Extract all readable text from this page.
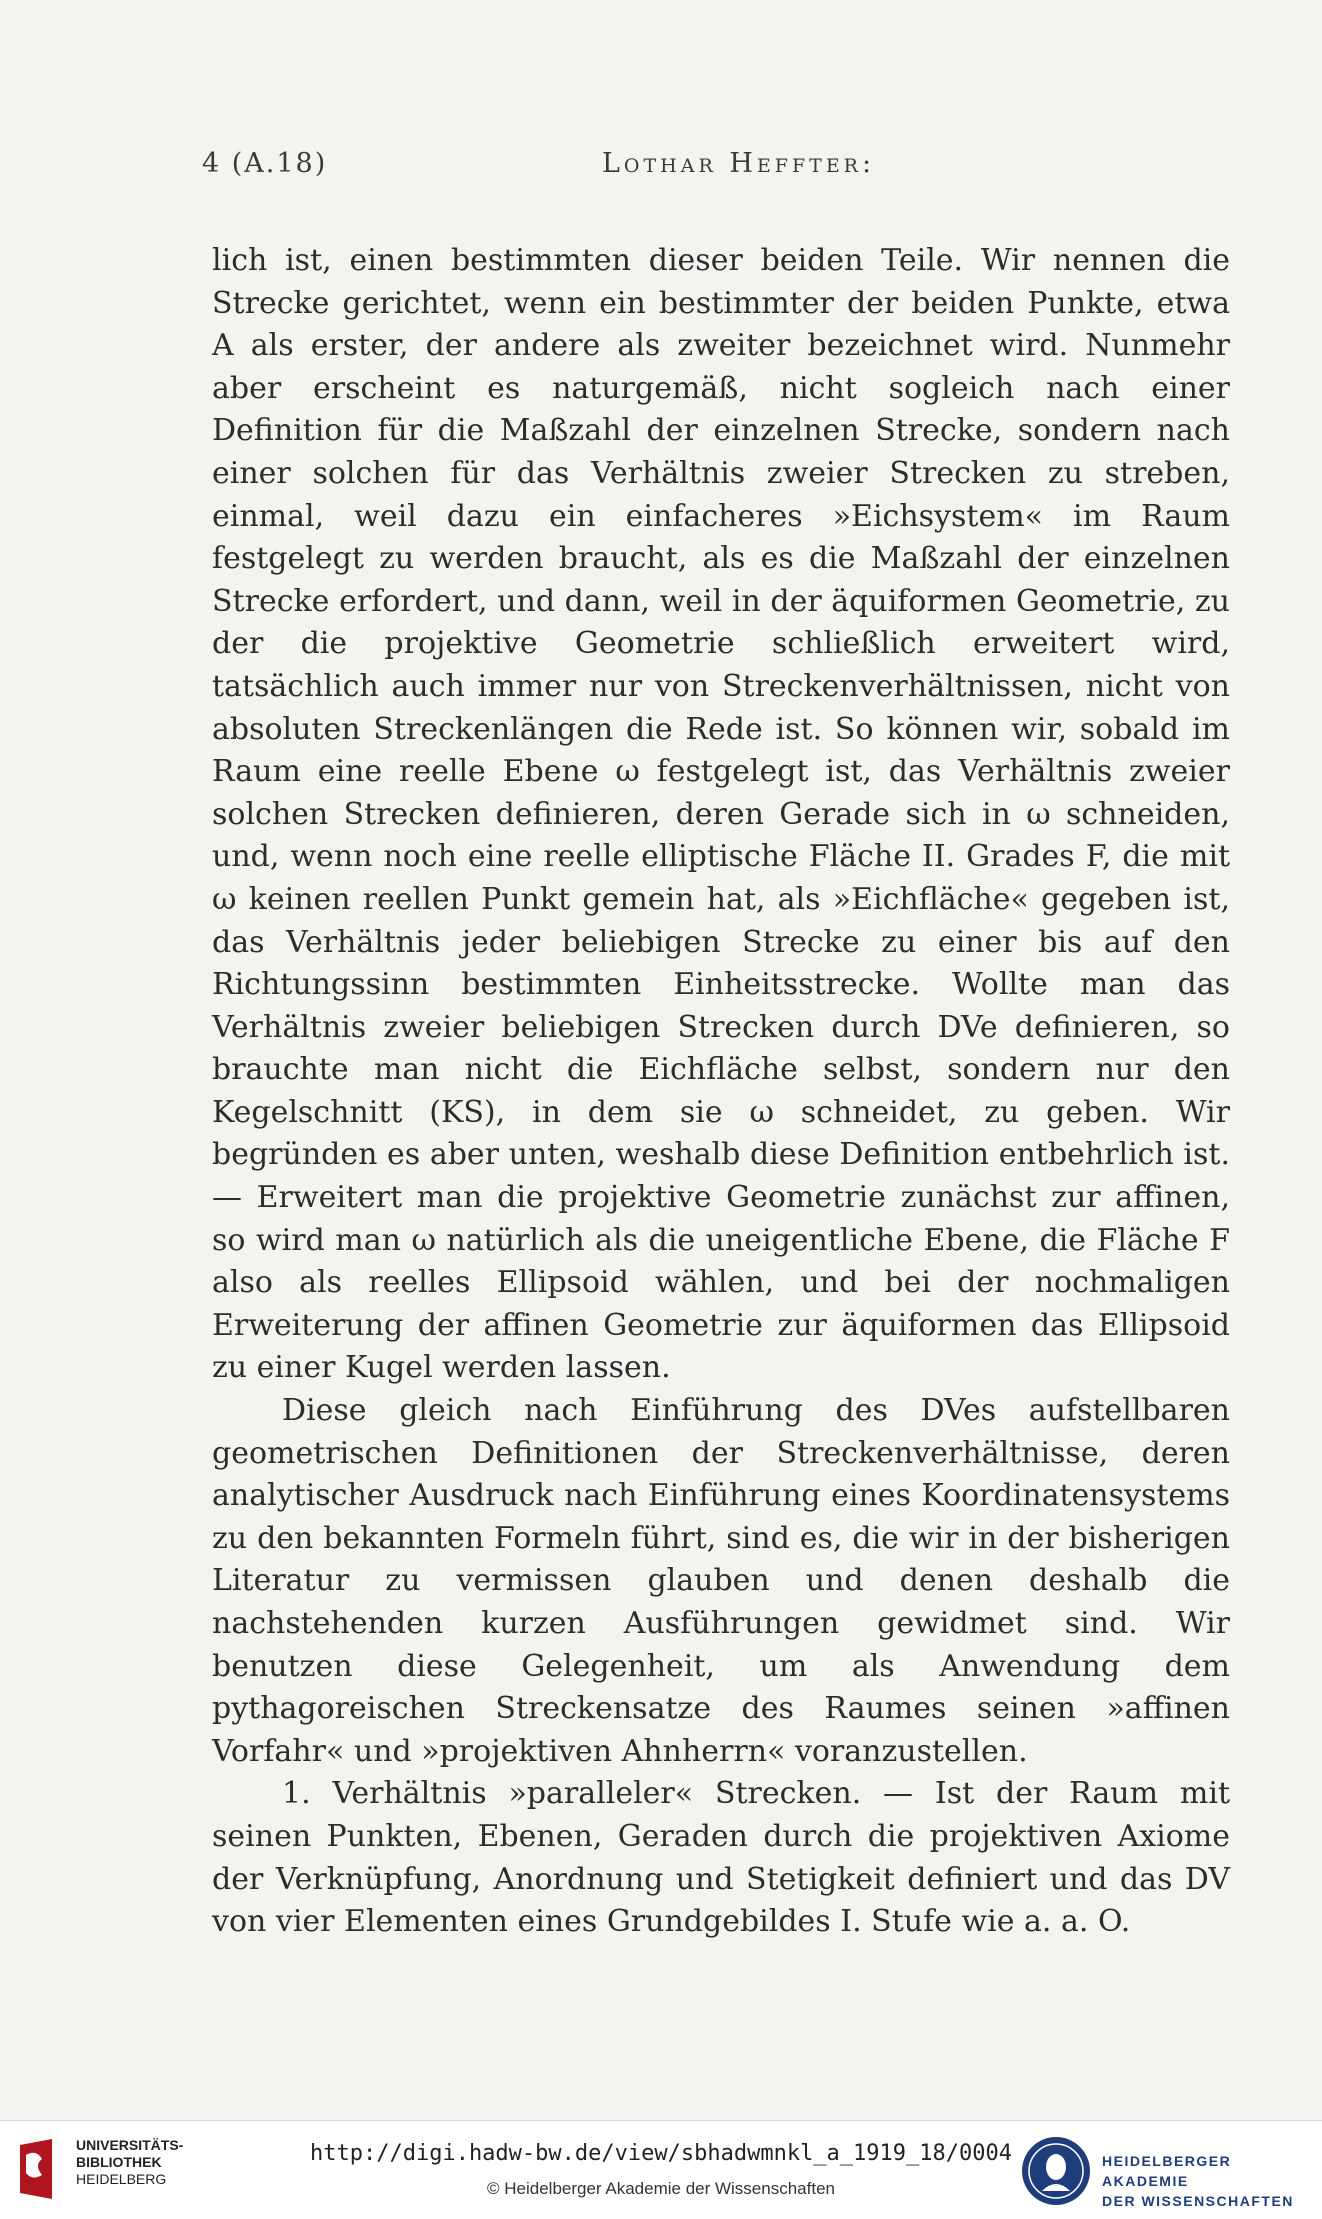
4 (A.18)	Lothar Heffter:

lich ist, einen bestimmten dieser beiden Teile. Wir nennen die Strecke gerichtet, wenn ein bestimmter der beiden Punkte, etwa A als erster, der andere als zweiter bezeichnet wird. Nunmehr aber erscheint es naturgemäß, nicht sogleich nach einer Definition für die Maßzahl der einzelnen Strecke, sondern nach einer solchen für das Verhältnis zweier Strecken zu streben, einmal, weil dazu ein einfacheres »Eichsystem« im Raum festgelegt zu werden braucht, als es die Maßzahl der einzelnen Strecke erfordert, und dann, weil in der äquiformen Geometrie, zu der die projektive Geometrie schließlich erweitert wird, tatsächlich auch immer nur von Streckenverhältnissen, nicht von absoluten Streckenlängen die Rede ist. So können wir, sobald im Raum eine reelle Ebene ω festgelegt ist, das Verhältnis zweier solchen Strecken definieren, deren Gerade sich in ω schneiden, und, wenn noch eine reelle elliptische Fläche II. Grades F, die mit ω keinen reellen Punkt gemein hat, als »Eichfläche« gegeben ist, das Verhältnis jeder beliebigen Strecke zu einer bis auf den Richtungssinn bestimmten Einheitsstrecke. Wollte man das Verhältnis zweier beliebigen Strecken durch DVe definieren, so brauchte man nicht die Eichfläche selbst, sondern nur den Kegelschnitt (KS), in dem sie ω schneidet, zu geben. Wir begründen es aber unten, weshalb diese Definition entbehrlich ist. — Erweitert man die projektive Geometrie zunächst zur affinen, so wird man ω natürlich als die uneigentliche Ebene, die Fläche F also als reelles Ellipsoid wählen, und bei der nochmaligen Erweiterung der affinen Geometrie zur äquiformen das Ellipsoid zu einer Kugel werden lassen.

Diese gleich nach Einführung des DVes aufstellbaren geometrischen Definitionen der Streckenverhältnisse, deren analytischer Ausdruck nach Einführung eines Koordinatensystems zu den bekannten Formeln führt, sind es, die wir in der bisherigen Literatur zu vermissen glauben und denen deshalb die nachstehenden kurzen Ausführungen gewidmet sind. Wir benutzen diese Gelegenheit, um als Anwendung dem pythagoreischen Streckensatze des Raumes seinen »affinen Vorfahr« und »projektiven Ahnherrn« voranzustellen.

1. Verhältnis »paralleler« Strecken. — Ist der Raum mit seinen Punkten, Ebenen, Geraden durch die projektiven Axiome der Verknüpfung, Anordnung und Stetigkeit definiert und das DV von vier Elementen eines Grundgebildes I. Stufe wie a. a. O.

UNIVERSITÄTS-
BIBLIOTHEK
HEIDELBERG
http://digi.hadw-bw.de/view/sbhadwmnkl_a_1919_18/0004
© Heidelberger Akademie der Wissenschaften
HEIDELBERGER AKADEMIE
DER WISSENSCHAFTEN
